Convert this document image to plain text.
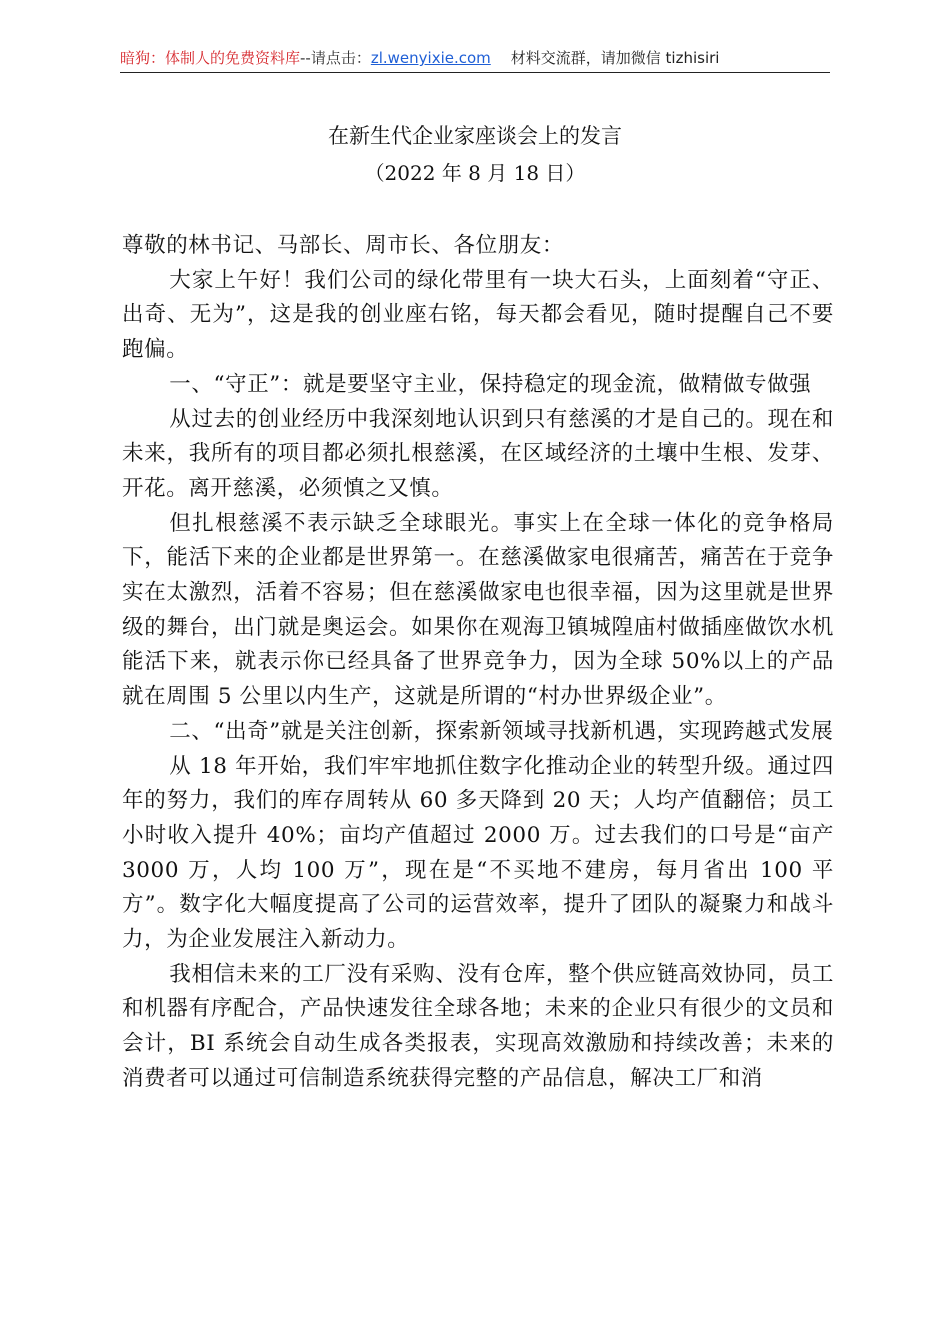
暗狗：体制人的免费资料库--请点击：zl.wenyixie.com 材料交流群，请加微信 tizhisiri
在新生代企业家座谈会上的发言
（2022 年 8 月 18 日）

尊敬的林书记、马部长、周市长、各位朋友：

大家上午好！我们公司的绿化带里有一块大石头，上面刻着“守正、出奇、无为”，这是我的创业座右铭，每天都会看见，随时提醒自己不要跑偏。

一、“守正”：就是要坚守主业，保持稳定的现金流，做精做专做强

从过去的创业经历中我深刻地认识到只有慈溪的才是自己的。现在和未来，我所有的项目都必须扎根慈溪，在区域经济的土壤中生根、发芽、开花。离开慈溪，必须慎之又慎。

但扎根慈溪不表示缺乏全球眼光。事实上在全球一体化的竞争格局下，能活下来的企业都是世界第一。在慈溪做家电很痛苦，痛苦在于竞争实在太激烈，活着不容易；但在慈溪做家电也很幸福，因为这里就是世界级的舞台，出门就是奥运会。如果你在观海卫镇城隍庙村做插座做饮水机能活下来，就表示你已经具备了世界竞争力，因为全球 50%以上的产品就在周围 5 公里以内生产，这就是所谓的“村办世界级企业”。

二、“出奇”就是关注创新，探索新领域寻找新机遇，实现跨越式发展

从 18 年开始，我们牢牢地抓住数字化推动企业的转型升级。通过四年的努力，我们的库存周转从 60 多天降到 20 天；人均产值翻倍；员工小时收入提升 40%；亩均产值超过 2000 万。过去我们的口号是“亩产 3000 万，人均 100 万”，现在是“不买地不建房，每月省出 100 平方”。数字化大幅度提高了公司的运营效率，提升了团队的凝聚力和战斗力，为企业发展注入新动力。

我相信未来的工厂没有采购、没有仓库，整个供应链高效协同，员工和机器有序配合，产品快速发往全球各地；未来的企业只有很少的文员和会计，BI 系统会自动生成各类报表，实现高效激励和持续改善；未来的消费者可以通过可信制造系统获得完整的产品信息，解决工厂和消
